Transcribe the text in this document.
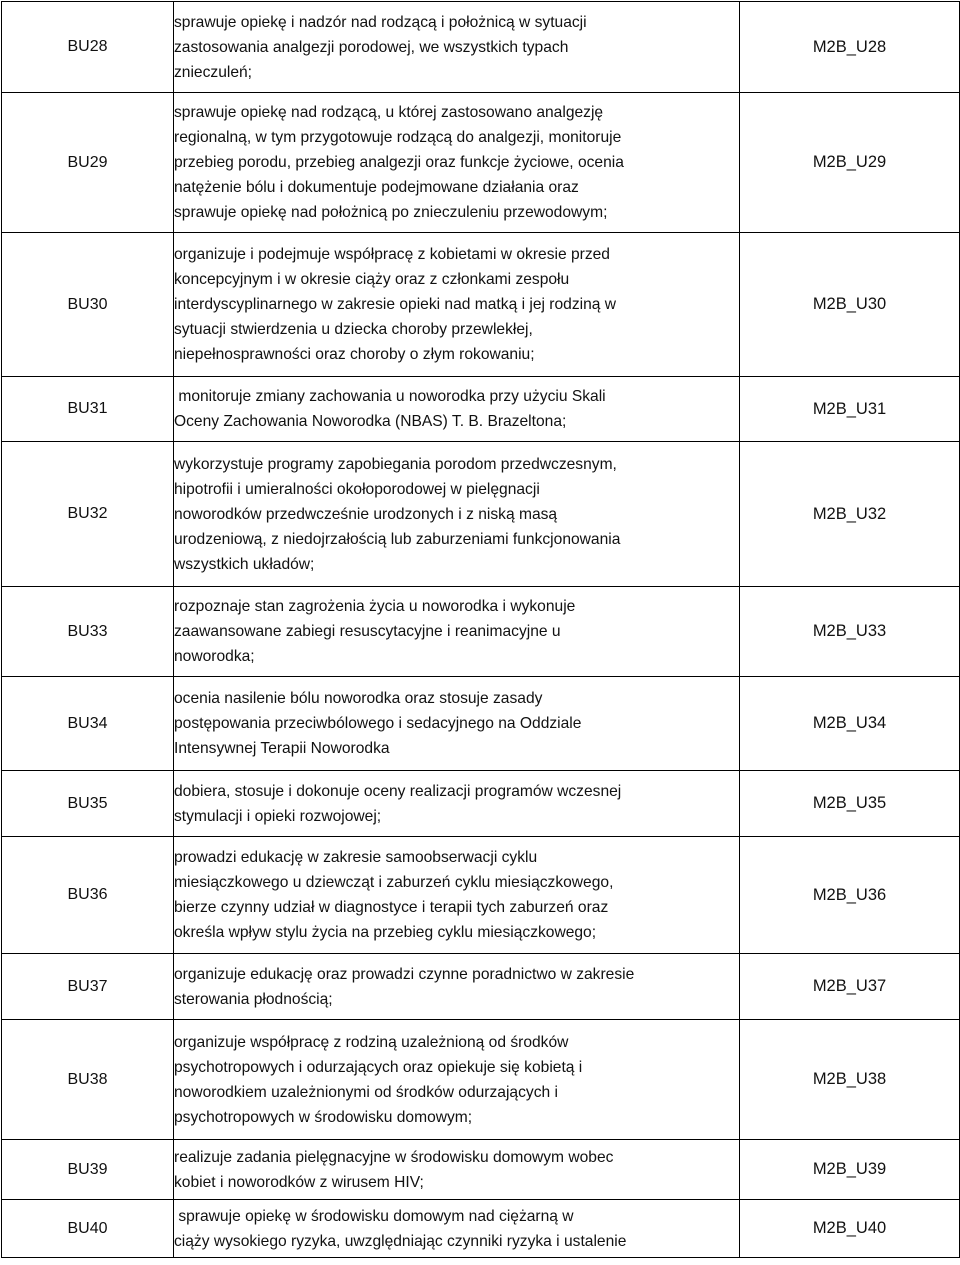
BU28	sprawuje opiekę i nadzór nad rodzącą i położnicą w sytuacji
zastosowania analgezji porodowej, we wszystkich typach
znieczuleń;	M2B_U28
BU29	sprawuje opiekę nad rodzącą, u której zastosowano analgezję
regionalną, w tym przygotowuje rodzącą do analgezji, monitoruje
przebieg porodu, przebieg analgezji oraz funkcje życiowe, ocenia
natężenie bólu i dokumentuje podejmowane działania oraz
sprawuje opiekę nad położnicą po znieczuleniu przewodowym;	M2B_U29
BU30	organizuje i podejmuje współpracę z kobietami w okresie przed
koncepcyjnym i w okresie ciąży oraz z członkami zespołu
interdyscyplinarnego w zakresie opieki nad matką i jej rodziną w
sytuacji stwierdzenia u dziecka choroby przewlekłej,
niepełnosprawności oraz choroby o złym rokowaniu;	M2B_U30
BU31	monitoruje zmiany zachowania u noworodka przy użyciu Skali
Oceny Zachowania Noworodka (NBAS) T. B. Brazeltona;	M2B_U31
BU32	wykorzystuje programy zapobiegania porodom przedwczesnym,
hipotrofii i umieralności okołoporodowej w pielęgnacji
noworodków przedwcześnie urodzonych i z niską masą
urodzeniową, z niedojrzałością lub zaburzeniami funkcjonowania
wszystkich układów;	M2B_U32
BU33	rozpoznaje stan zagrożenia życia u noworodka i wykonuje
zaawansowane zabiegi resuscytacyjne i reanimacyjne u
noworodka;	M2B_U33
BU34	ocenia nasilenie bólu noworodka oraz stosuje zasady
postępowania przeciwbólowego i sedacyjnego na Oddziale
Intensywnej Terapii Noworodka	M2B_U34
BU35	dobiera, stosuje i dokonuje oceny realizacji programów wczesnej
stymulacji i opieki rozwojowej;	M2B_U35
BU36	prowadzi edukację w zakresie samoobserwacji cyklu
miesiączkowego u dziewcząt i zaburzeń cyklu miesiączkowego,
bierze czynny udział w diagnostyce i terapii tych zaburzeń oraz
określa wpływ stylu życia na przebieg cyklu miesiączkowego;	M2B_U36
BU37	organizuje edukację oraz prowadzi czynne poradnictwo w zakresie
sterowania płodnością;	M2B_U37
BU38	organizuje współpracę z rodziną uzależnioną od środków
psychotropowych i odurzających oraz opiekuje się kobietą i
noworodkiem uzależnionymi od środków odurzających i
psychotropowych w środowisku domowym;	M2B_U38
BU39	realizuje zadania pielęgnacyjne w środowisku domowym wobec
kobiet i noworodków z wirusem HIV;	M2B_U39
BU40	sprawuje opiekę w środowisku domowym nad ciężarną w
ciąży wysokiego ryzyka, uwzględniając czynniki ryzyka i ustalenie	M2B_U40
